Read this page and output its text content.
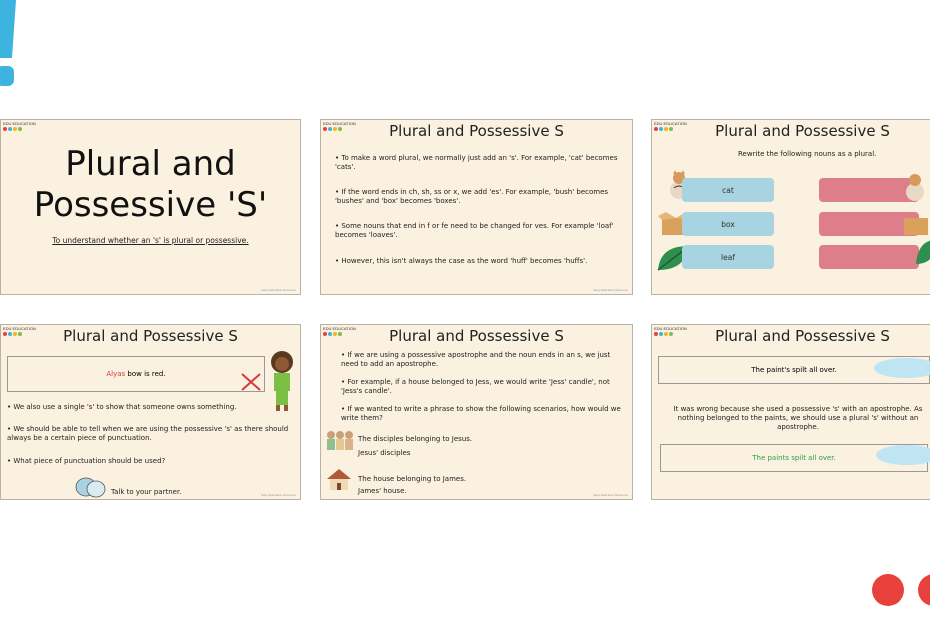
EDU EDUCATION
Plural and
Possessive 'S'
To understand whether an 's' is plural or possessive.
Easy Education Resource
EDU EDUCATION	Plural and Possessive S
• To make a word plural, we normally just add an 's'. For example, 'cat' becomes 'cats'.
• If the word ends in ch, sh, ss or x, we add 'es'. For example, 'bush' becomes 'bushes' and 'box' becomes 'boxes'.
• Some nouns that end in f or fe need to be changed for ves. For example 'loaf' becomes 'loaves'.
• However, this isn't always the case as the word 'huff' becomes 'huffs'.
Easy Education Resource
EDU EDUCATION	Plural and Possessive S
Rewrite the following nouns as a plural.
cat
box
leaf
EDU EDUCATION	Plural and Possessive S
Alyas bow is red.
• We also use a single 's' to show that someone owns something.
• We should be able to tell when we are using the possessive 's' as there should always be a certain piece of punctuation.
• What piece of punctuation should be used?
Talk to your partner.	Easy Education Resource
EDU EDUCATION	Plural and Possessive S
• If we are using a possessive apostrophe and the noun ends in an s, we just need to add an apostrophe.
• For example, if a house belonged to Jess, we would write 'Jess' candle', not 'Jess's candle'.
• If we wanted to write a phrase to show the following scenarios, how would we write them?
The disciples belonging to Jesus.
Jesus' disciples
The house belonging to James.
James' house.	Easy Education Resource
EDU EDUCATION	Plural and Possessive S
The paint's spilt all over.
It was wrong because she used a possessive 's' with an apostrophe. As nothing belonged to the paints, we should use a plural 's' without an apostrophe.
The paints spilt all over.
